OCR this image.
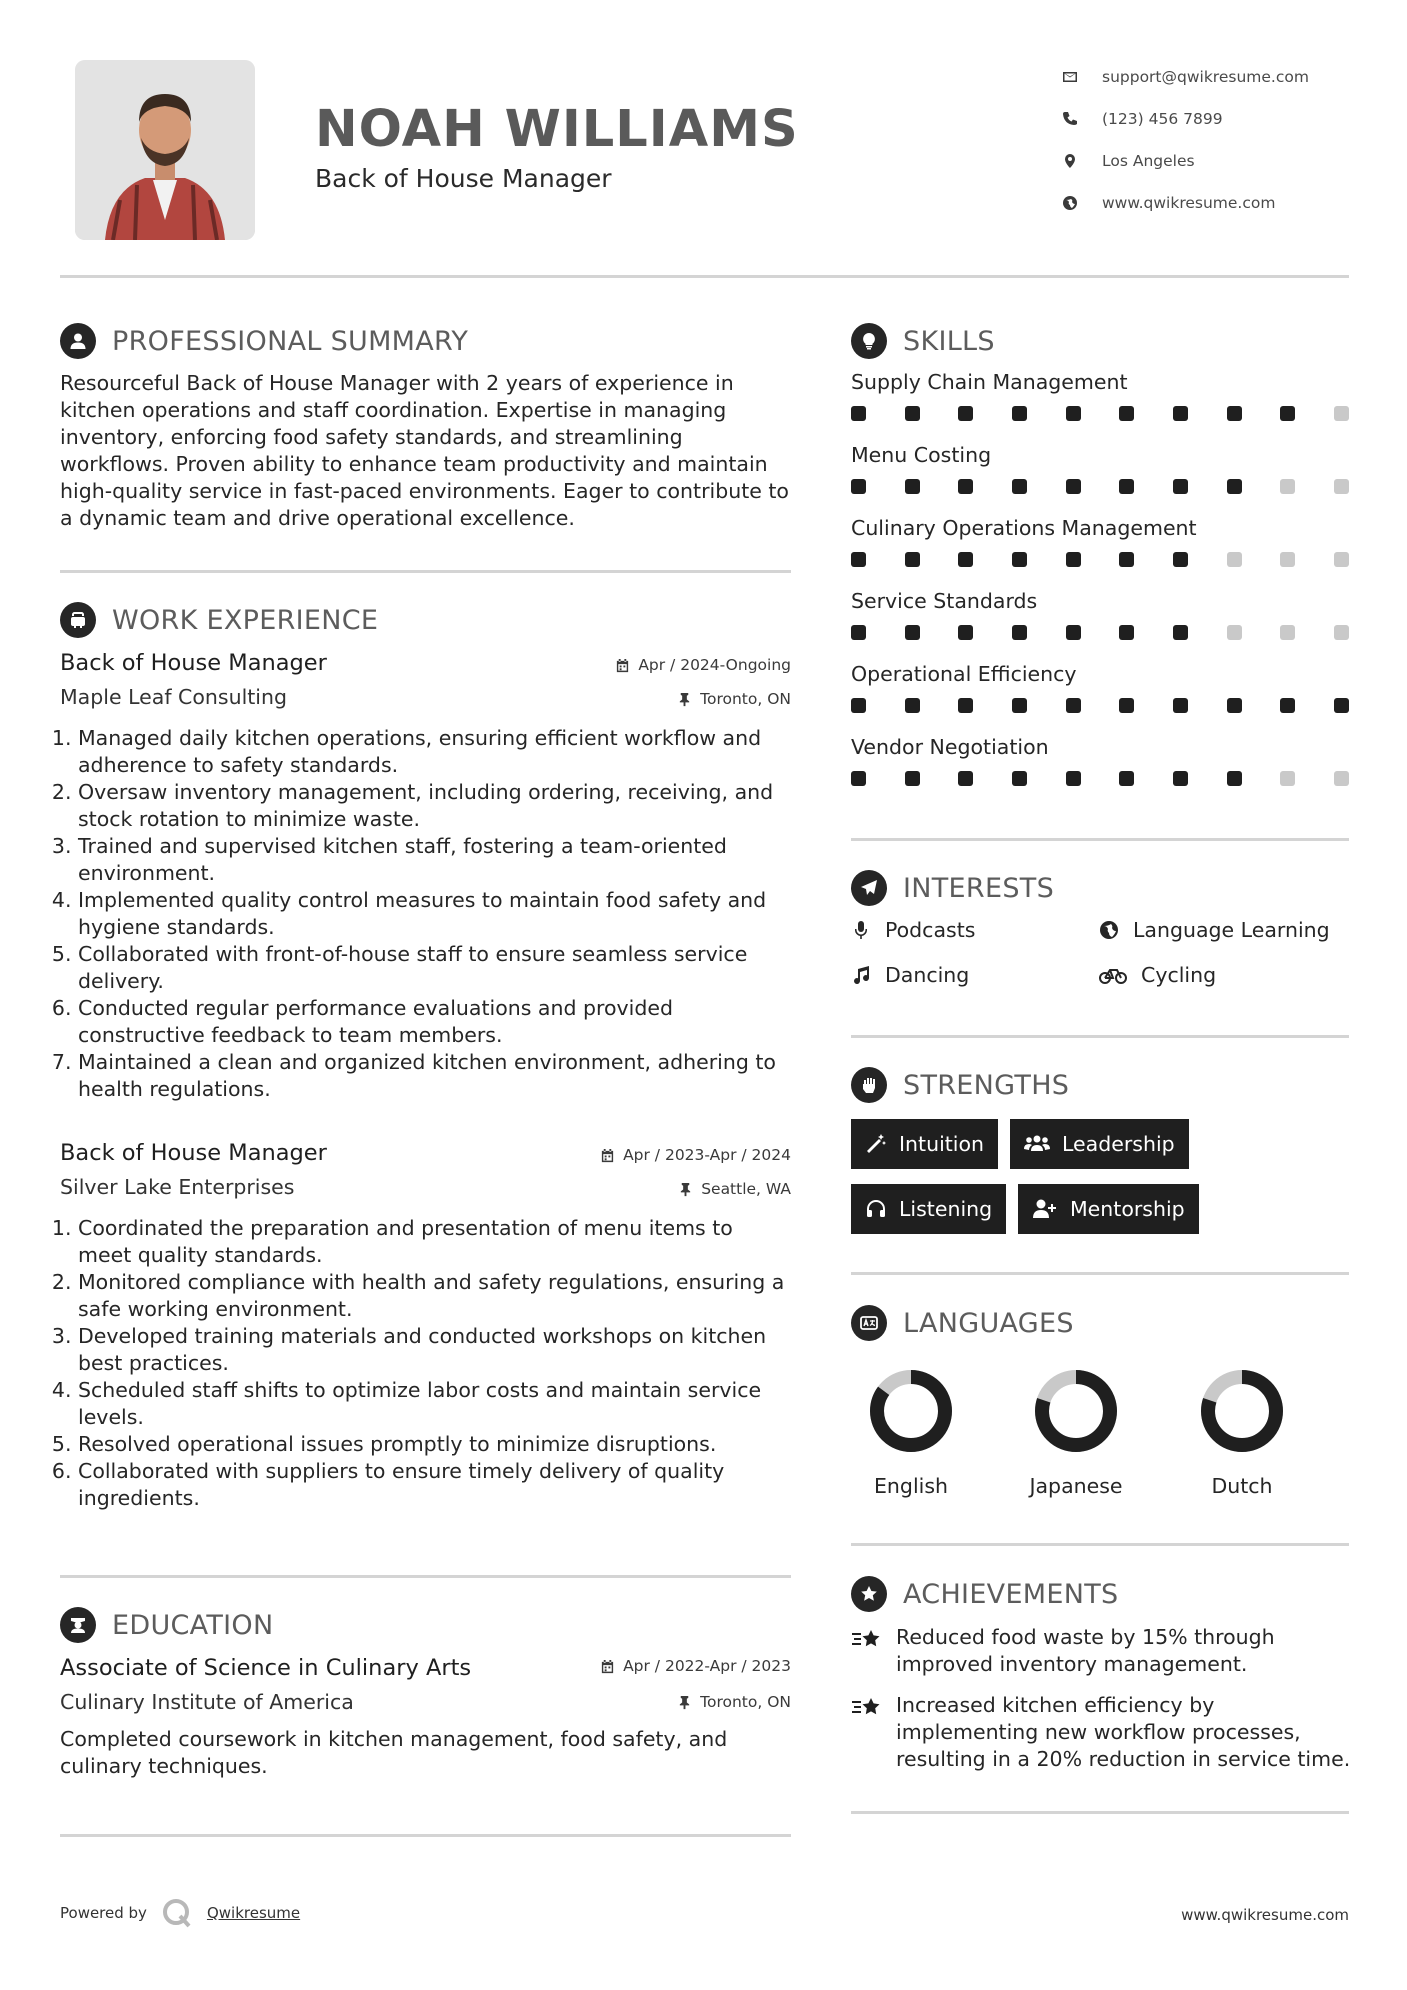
NOAH WILLIAMS
Back of House Manager
support@qwikresume.com
(123) 456 7899
Los Angeles
www.qwikresume.com
PROFESSIONAL SUMMARY
Resourceful Back of House Manager with 2 years of experience in kitchen operations and staff coordination. Expertise in managing inventory, enforcing food safety standards, and streamlining workflows. Proven ability to enhance team productivity and maintain high-quality service in fast-paced environments. Eager to contribute to a dynamic team and drive operational excellence.
WORK EXPERIENCE
Back of House Manager
Maple Leaf Consulting
Apr / 2024-Ongoing
Toronto, ON
1. Managed daily kitchen operations, ensuring efficient workflow and adherence to safety standards.
2. Oversaw inventory management, including ordering, receiving, and stock rotation to minimize waste.
3. Trained and supervised kitchen staff, fostering a team-oriented environment.
4. Implemented quality control measures to maintain food safety and hygiene standards.
5. Collaborated with front-of-house staff to ensure seamless service delivery.
6. Conducted regular performance evaluations and provided constructive feedback to team members.
7. Maintained a clean and organized kitchen environment, adhering to health regulations.
Back of House Manager
Silver Lake Enterprises
Apr / 2023-Apr / 2024
Seattle, WA
1. Coordinated the preparation and presentation of menu items to meet quality standards.
2. Monitored compliance with health and safety regulations, ensuring a safe working environment.
3. Developed training materials and conducted workshops on kitchen best practices.
4. Scheduled staff shifts to optimize labor costs and maintain service levels.
5. Resolved operational issues promptly to minimize disruptions.
6. Collaborated with suppliers to ensure timely delivery of quality ingredients.
EDUCATION
Associate of Science in Culinary Arts
Culinary Institute of America
Apr / 2022-Apr / 2023
Toronto, ON
Completed coursework in kitchen management, food safety, and culinary techniques.
SKILLS
Supply Chain Management
Menu Costing
Culinary Operations Management
Service Standards
Operational Efficiency
Vendor Negotiation
INTERESTS
Podcasts	Language Learning
Dancing	Cycling
STRENGTHS
Intuition	Leadership
Listening	Mentorship
LANGUAGES
English	Japanese	Dutch
ACHIEVEMENTS
Reduced food waste by 15% through improved inventory management.
Increased kitchen efficiency by implementing new workflow processes, resulting in a 20% reduction in service time.
Powered by	Qwikresume	www.qwikresume.com
